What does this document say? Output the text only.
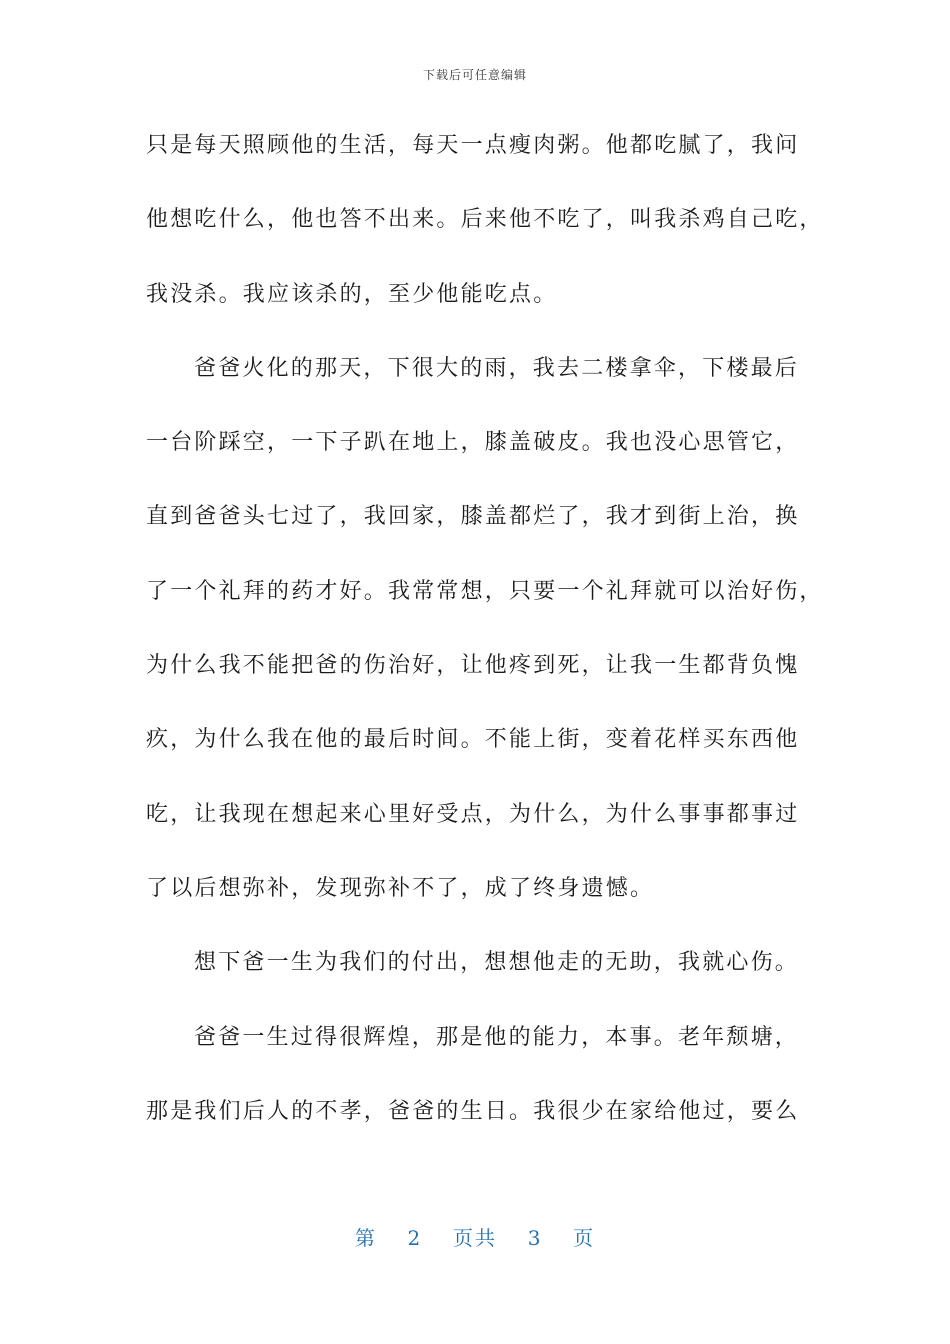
下载后可任意编辑
只是每天照顾他的生活，每天一点瘦肉粥。他都吃腻了，我问
他想吃什么，他也答不出来。后来他不吃了，叫我杀鸡自己吃，
我没杀。我应该杀的，至少他能吃点。
爸爸火化的那天，下很大的雨，我去二楼拿伞，下楼最后
一台阶踩空，一下子趴在地上，膝盖破皮。我也没心思管它，
直到爸爸头七过了，我回家，膝盖都烂了，我才到街上治，换
了一个礼拜的药才好。我常常想，只要一个礼拜就可以治好伤，
为什么我不能把爸的伤治好，让他疼到死，让我一生都背负愧
疚，为什么我在他的最后时间。不能上街，变着花样买东西他
吃，让我现在想起来心里好受点，为什么，为什么事事都事过
了以后想弥补，发现弥补不了，成了终身遗憾。
想下爸一生为我们的付出，想想他走的无助，我就心伤。
爸爸一生过得很辉煌，那是他的能力，本事。老年颓塘，
那是我们后人的不孝，爸爸的生日。我很少在家给他过，要么
第 2 页共 3 页
